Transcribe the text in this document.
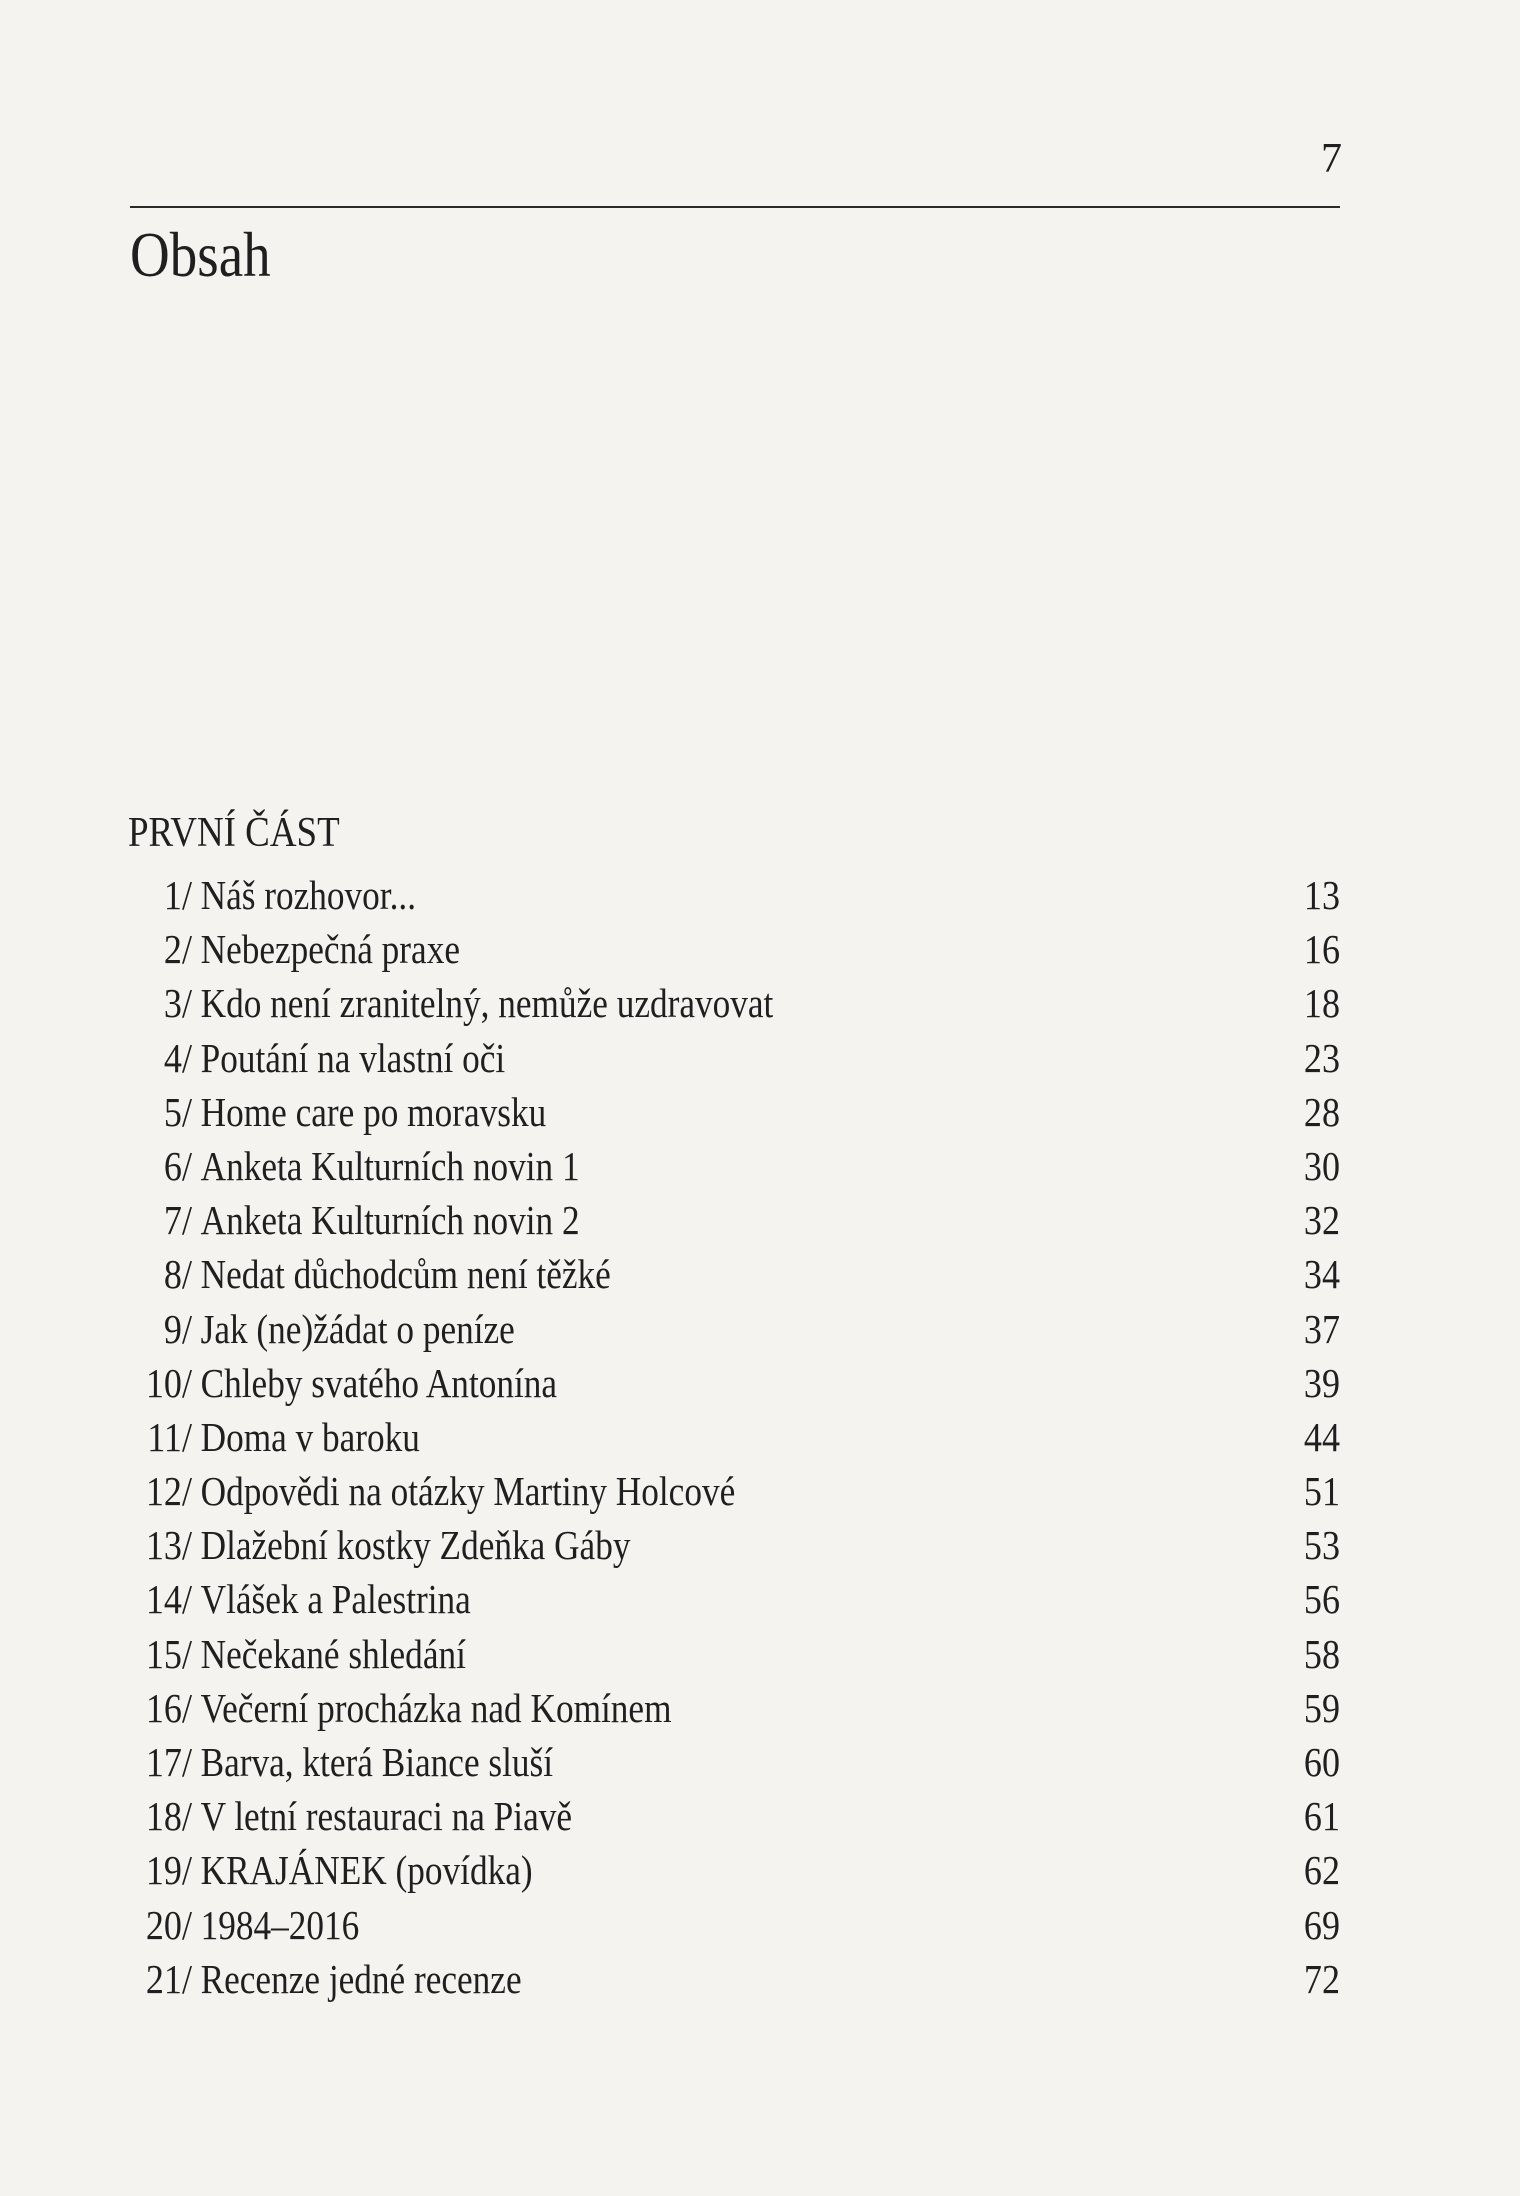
7
Obsah
PRVNÍ ČÁST
1/ Náš rozhovor...	13
2/ Nebezpečná praxe	16
3/ Kdo není zranitelný, nemůže uzdravovat	18
4/ Poutání na vlastní oči	23
5/ Home care po moravsku	28
6/ Anketa Kulturních novin 1	30
7/ Anketa Kulturních novin 2	32
8/ Nedat důchodcům není těžké	34
9/ Jak (ne)žádat o peníze	37
10/ Chleby svatého Antonína	39
11/ Doma v baroku	44
12/ Odpovědi na otázky Martiny Holcové	51
13/ Dlažební kostky Zdeňka Gáby	53
14/ Vlášek a Palestrina	56
15/ Nečekané shledání	58
16/ Večerní procházka nad Komínem	59
17/ Barva, která Biance sluší	60
18/ V letní restauraci na Piavě	61
19/ KRAJÁNEK (povídka)	62
20/ 1984–2016	69
21/ Recenze jedné recenze	72
